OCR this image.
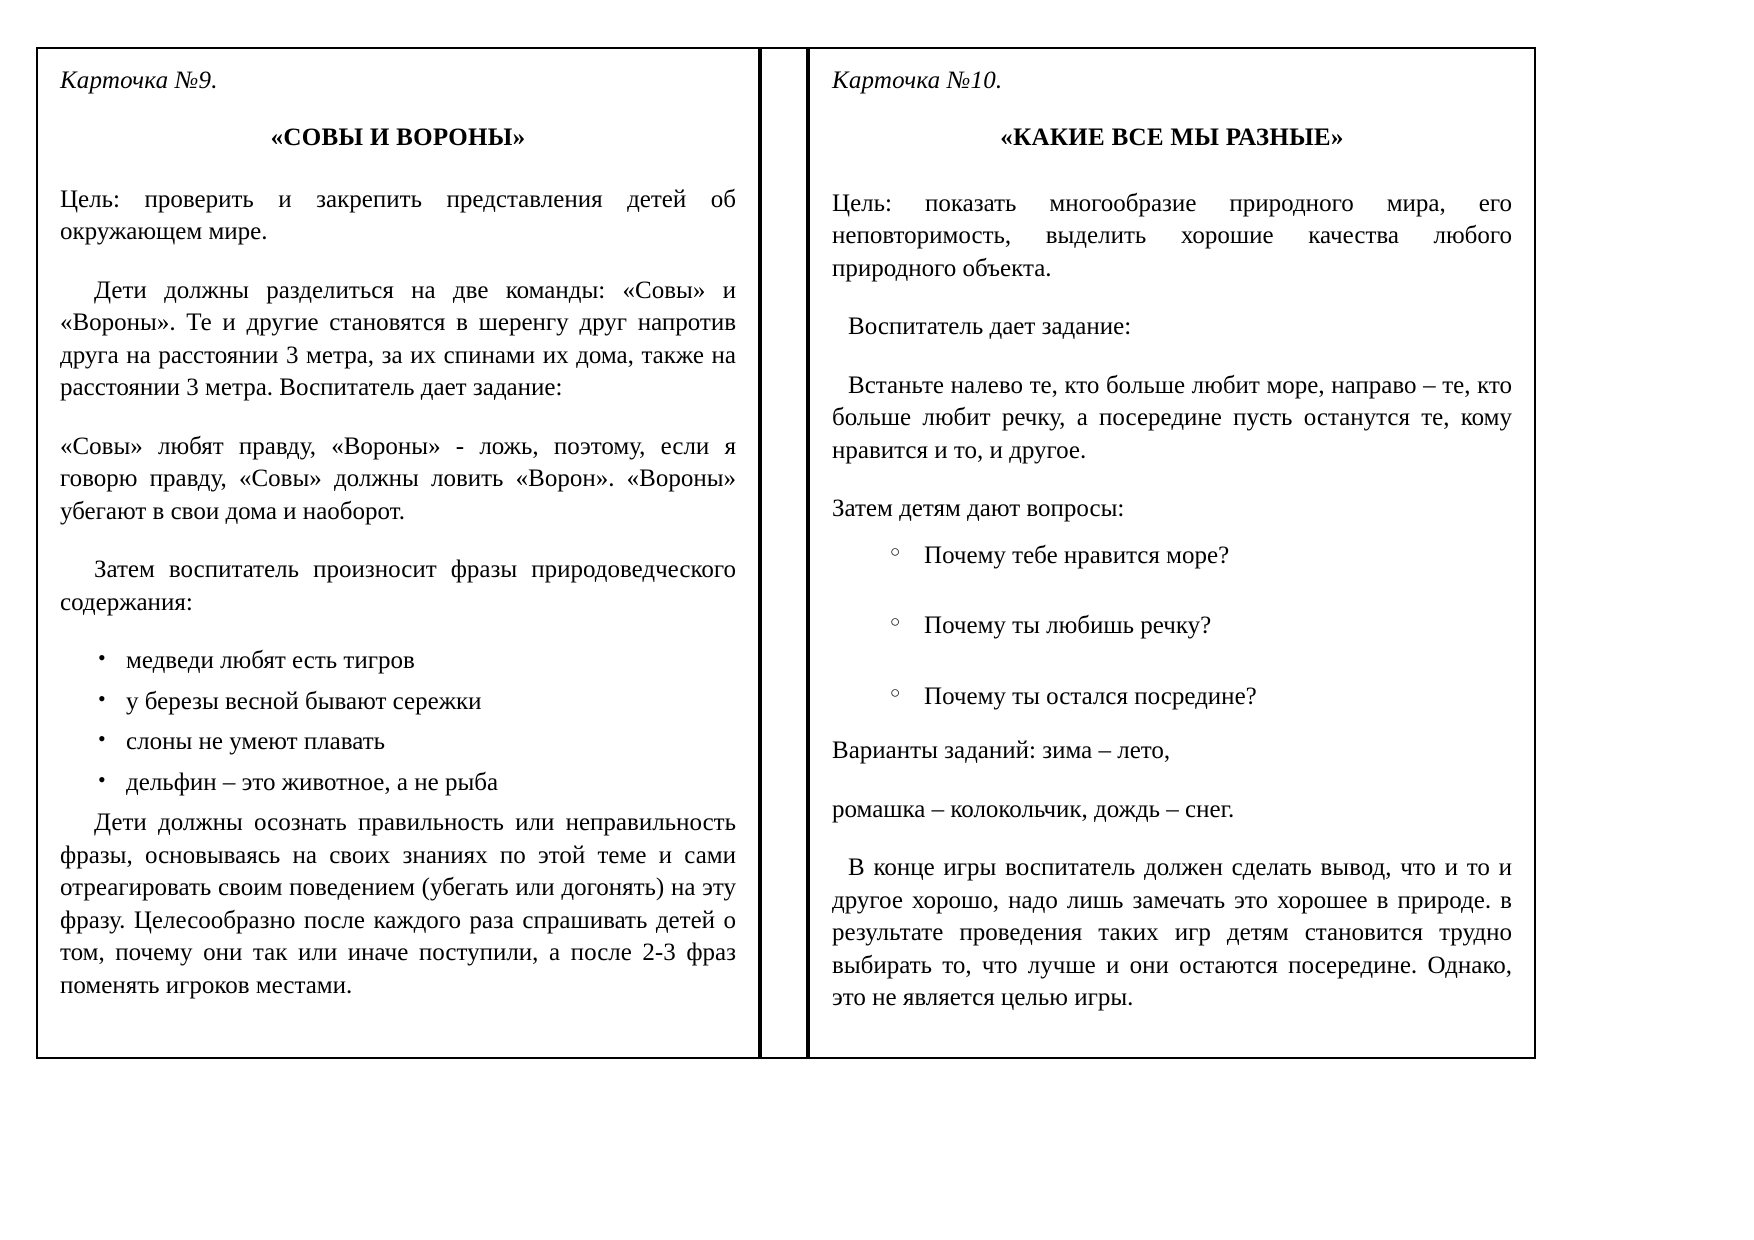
Карточка №9.

«СОВЫ И ВОРОНЫ»

Цель: проверить и закрепить представления детей об окружающем мире.

Дети должны разделиться на две команды: «Совы» и «Вороны». Те и другие становятся в шеренгу друг напротив друга на расстоянии 3 метра, за их спинами их дома, также на расстоянии 3 метра. Воспитатель дает задание:

«Совы» любят правду, «Вороны» - ложь, поэтому, если я говорю правду, «Совы» должны ловить «Ворон». «Вороны» убегают в свои дома и наоборот.

Затем воспитатель произносит фразы природоведческого содержания:

• медведи любят есть тигров
• у березы весной бывают сережки
• слоны не умеют плавать
• дельфин – это животное, а не рыба

Дети должны осознать правильность или неправильность фразы, основываясь на своих знаниях по этой теме и сами отреагировать своим поведением (убегать или догонять) на эту фразу. Целесообразно после каждого раза спрашивать детей о том, почему они так или иначе поступили, а после 2-3 фраз поменять игроков местами.

Карточка №10.

«КАКИЕ ВСЕ МЫ РАЗНЫЕ»

Цель: показать многообразие природного мира, его неповторимость, выделить хорошие качества любого природного объекта.

Воспитатель дает задание:

Встаньте налево те, кто больше любит море, направо – те, кто больше любит речку, а посередине пусть останутся те, кому нравится и то, и другое.

Затем детям дают вопросы:

○ Почему тебе нравится море?
○ Почему ты любишь речку?
○ Почему ты остался посредине?

Варианты заданий: зима – лето,

ромашка – колокольчик, дождь – снег.

В конце игры воспитатель должен сделать вывод, что и то и другое хорошо, надо лишь замечать это хорошее в природе. в результате проведения таких игр детям становится трудно выбирать то, что лучше и они остаются посередине. Однако, это не является целью игры.
